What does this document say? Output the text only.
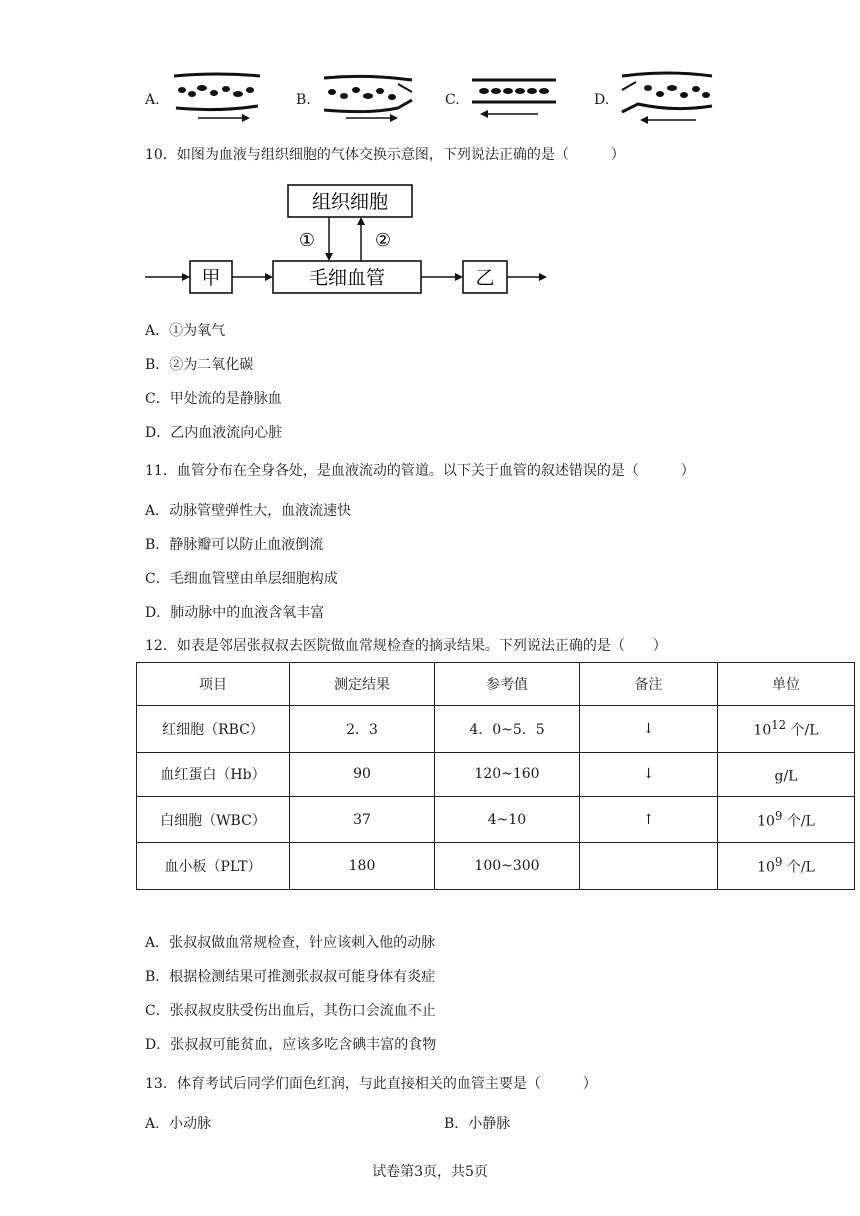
A.	B.	C.	D.
10．如图为血液与组织细胞的气体交换示意图，下列说法正确的是（　　　）
组织细胞
毛细血管
甲	乙
①	②
A．①为氧气
B．②为二氧化碳
C．甲处流的是静脉血
D．乙内血液流向心脏
11．血管分布在全身各处，是血液流动的管道。以下关于血管的叙述错误的是（　　　）
A．动脉管壁弹性大，血液流速快
B．静脉瓣可以防止血液倒流
C．毛细血管壁由单层细胞构成
D．肺动脉中的血液含氧丰富
12．如表是邻居张叔叔去医院做血常规检查的摘录结果。下列说法正确的是（　　）
项目	测定结果	参考值	备注	单位
红细胞（RBC）	2．3	4．0~5．5	↓	$10^{12}$ 个/L
血红蛋白（Hb）	90	120~160	↓	g/L
白细胞（WBC）	37	4~10	↑	$10^9$ 个/L
血小板（PLT）	180	100~300		$10^9$ 个/L
A．张叔叔做血常规检查，针应该刺入他的动脉
B．根据检测结果可推测张叔叔可能身体有炎症
C．张叔叔皮肤受伤出血后，其伤口会流血不止
D．张叔叔可能贫血，应该多吃含碘丰富的食物
13．体育考试后同学们面色红润，与此直接相关的血管主要是（　　　）
A．小动脉	B．小静脉
试卷第3页，共5页
